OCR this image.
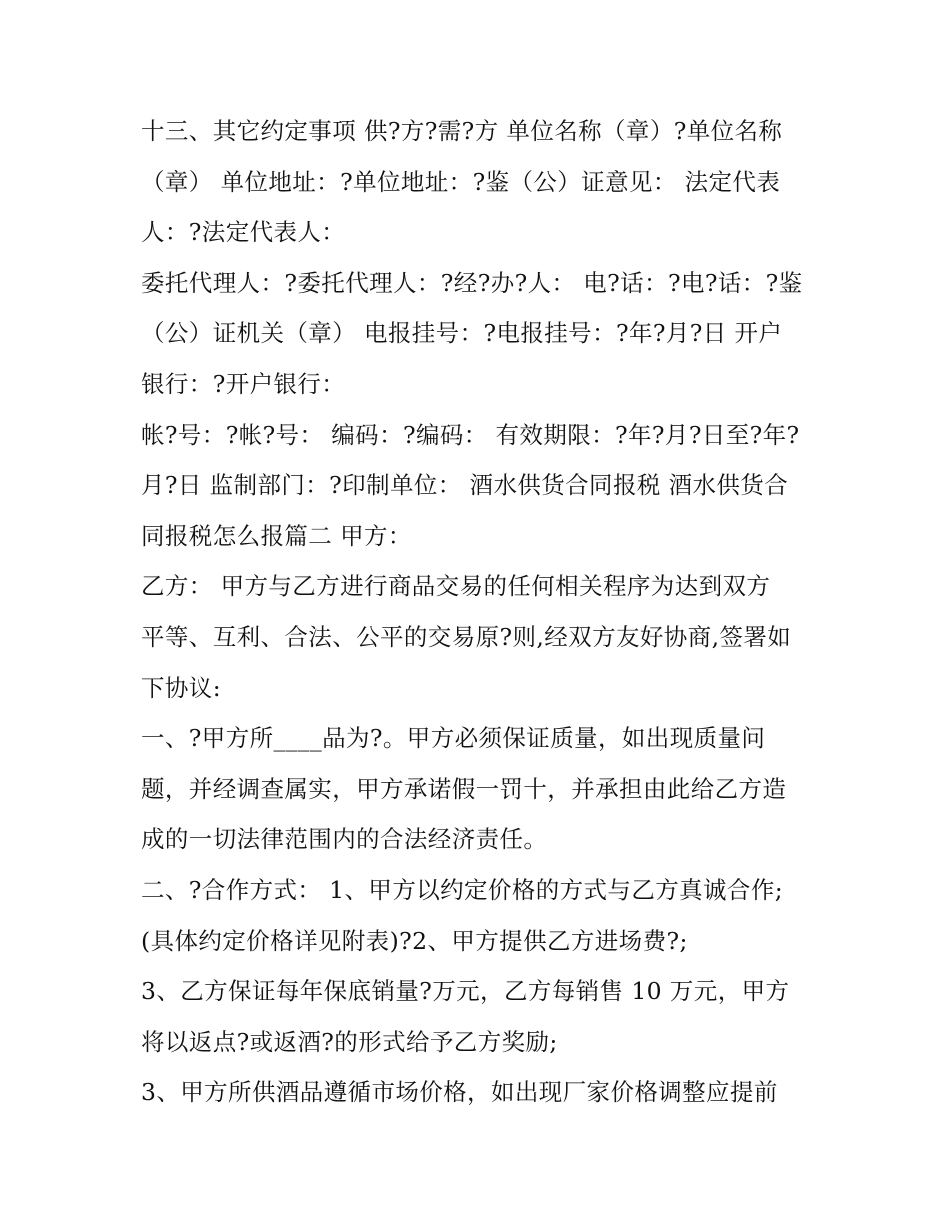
十三、其它约定事项 供?方?需?方 单位名称（章）?单位名称
（章） 单位地址：?单位地址：?鉴（公）证意见： 法定代表
人：?法定代表人：
委托代理人：?委托代理人：?经?办?人： 电?话：?电?话：?鉴
（公）证机关（章） 电报挂号：?电报挂号：?年?月?日 开户
银行：?开户银行：
帐?号：?帐?号： 编码：?编码： 有效期限：?年?月?日至?年?
月?日 监制部门：?印制单位： 酒水供货合同报税 酒水供货合
同报税怎么报篇二 甲方：
乙方： 甲方与乙方进行商品交易的任何相关程序为达到双方
平等、互利、合法、公平的交易原?则,经双方友好协商,签署如
下协议:
一、?甲方所____品为?。甲方必须保证质量，如出现质量问
题，并经调查属实，甲方承诺假一罚十，并承担由此给乙方造
成的一切法律范围内的合法经济责任。
二、?合作方式： 1、甲方以约定价格的方式与乙方真诚合作;
(具体约定价格详见附表)?2、甲方提供乙方进场费?;
3、乙方保证每年保底销量?万元，乙方每销售 10 万元，甲方
将以返点?或返酒?的形式给予乙方奖励;
3、甲方所供酒品遵循市场价格，如出现厂家价格调整应提前
